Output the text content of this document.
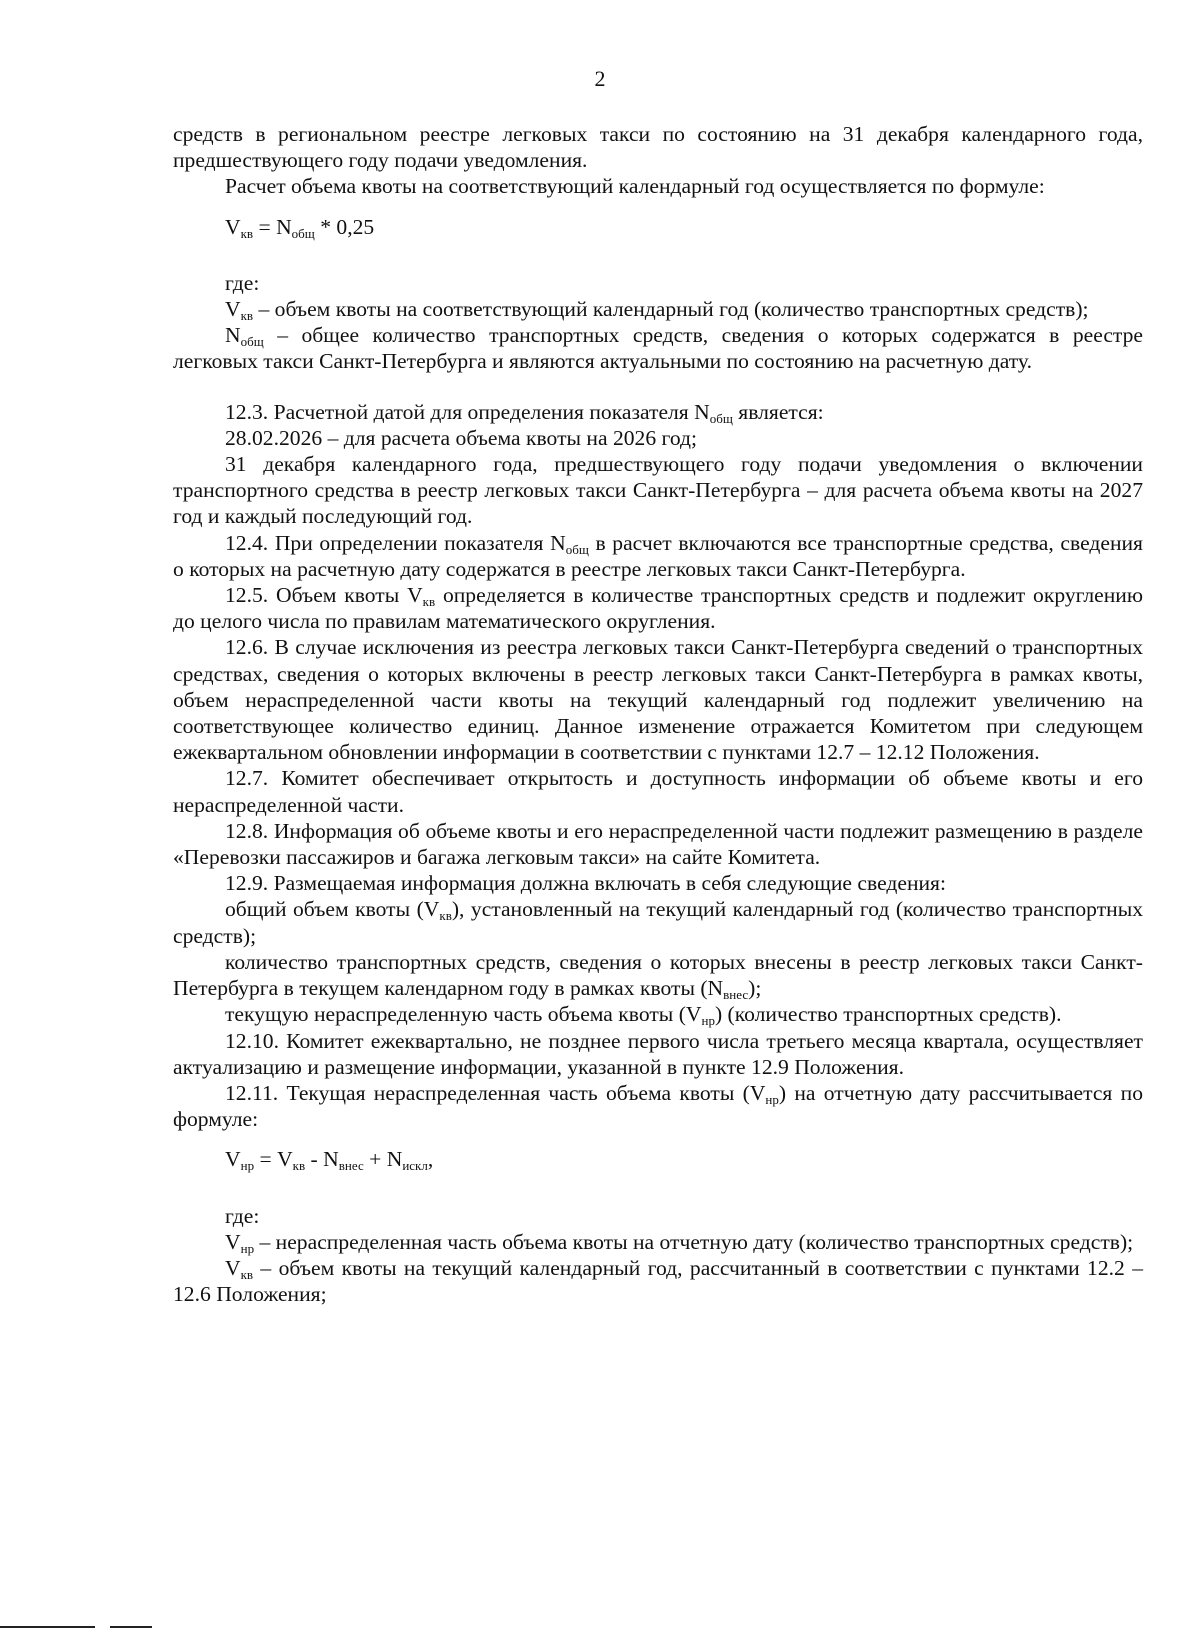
2

средств в региональном реестре легковых такси по состоянию на 31 декабря календарного года, предшествующего году подачи уведомления.

Расчет объема квоты на соответствующий календарный год осуществляется по формуле:

$V_{кв} = N_{общ} * 0,25$

где:

$V_{кв}$ – объем квоты на соответствующий календарный год (количество транспортных средств);

$N_{общ}$ – общее количество транспортных средств, сведения о которых содержатся в реестре легковых такси Санкт-Петербурга и являются актуальными по состоянию на расчетную дату.

12.3. Расчетной датой для определения показателя $N_{общ}$ является:

28.02.2026 – для расчета объема квоты на 2026 год;

31 декабря календарного года, предшествующего году подачи уведомления о включении транспортного средства в реестр легковых такси Санкт-Петербурга – для расчета объема квоты на 2027 год и каждый последующий год.

12.4. При определении показателя $N_{общ}$ в расчет включаются все транспортные средства, сведения о которых на расчетную дату содержатся в реестре легковых такси Санкт-Петербурга.

12.5. Объем квоты $V_{кв}$ определяется в количестве транспортных средств и подлежит округлению до целого числа по правилам математического округления.

12.6. В случае исключения из реестра легковых такси Санкт-Петербурга сведений о транспортных средствах, сведения о которых включены в реестр легковых такси Санкт-Петербурга в рамках квоты, объем нераспределенной части квоты на текущий календарный год подлежит увеличению на соответствующее количество единиц. Данное изменение отражается Комитетом при следующем ежеквартальном обновлении информации в соответствии с пунктами 12.7 – 12.12 Положения.

12.7. Комитет обеспечивает открытость и доступность информации об объеме квоты и его нераспределенной части.

12.8. Информация об объеме квоты и его нераспределенной части подлежит размещению в разделе «Перевозки пассажиров и багажа легковым такси» на сайте Комитета.

12.9. Размещаемая информация должна включать в себя следующие сведения:

общий объем квоты $(V_{кв})$, установленный на текущий календарный год (количество транспортных средств);

количество транспортных средств, сведения о которых внесены в реестр легковых такси Санкт-Петербурга в текущем календарном году в рамках квоты $(N_{внес})$;

текущую нераспределенную часть объема квоты $(V_{нр})$ (количество транспортных средств).

12.10. Комитет ежеквартально, не позднее первого числа третьего месяца квартала, осуществляет актуализацию и размещение информации, указанной в пункте 12.9 Положения.

12.11. Текущая нераспределенная часть объема квоты $(V_{нр})$ на отчетную дату рассчитывается по формуле:

$V_{нр} = V_{кв} - N_{внес} + N_{искл}$,

где:

$V_{нр}$ – нераспределенная часть объема квоты на отчетную дату (количество транспортных средств);

$V_{кв}$ – объем квоты на текущий календарный год, рассчитанный в соответствии с пунктами 12.2 – 12.6 Положения;
